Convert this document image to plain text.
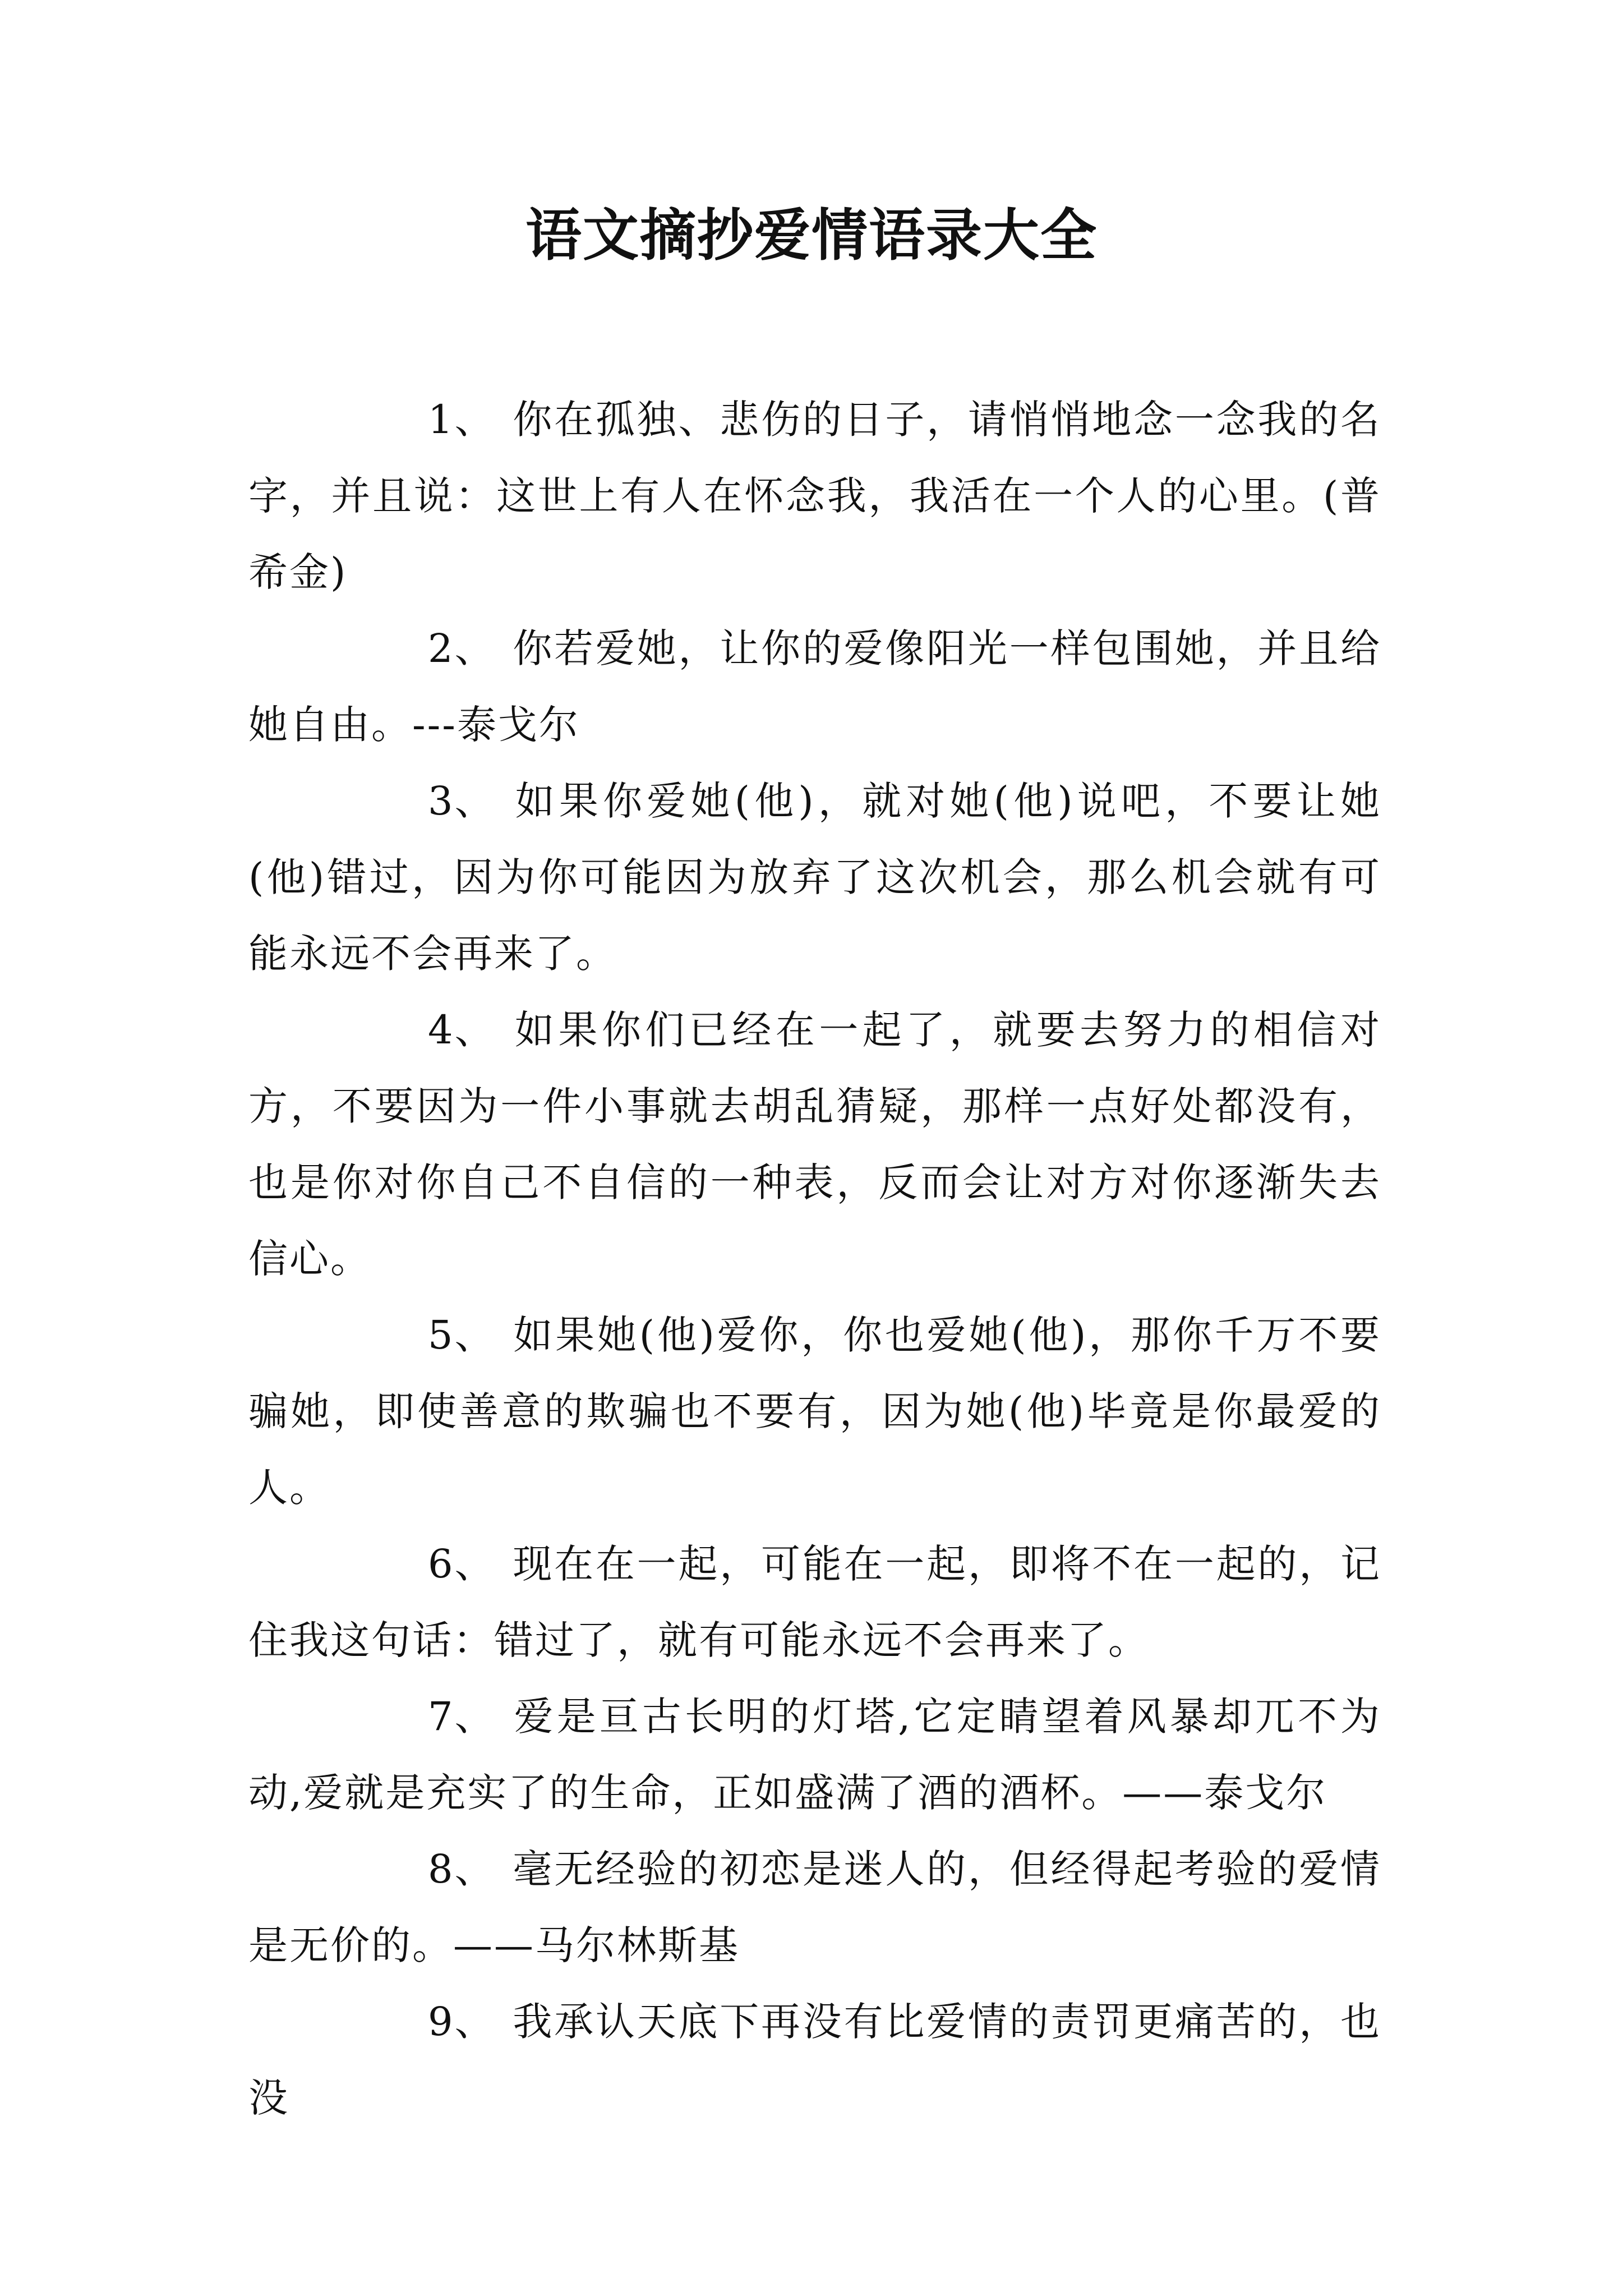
语文摘抄爱情语录大全

1、 你在孤独、悲伤的日子，请悄悄地念一念我的名字，并且说：这世上有人在怀念我，我活在一个人的心里。(普希金)

2、 你若爱她，让你的爱像阳光一样包围她，并且给她自由。---泰戈尔

3、 如果你爱她(他)，就对她(他)说吧，不要让她(他)错过，因为你可能因为放弃了这次机会，那么机会就有可能永远不会再来了。

4、 如果你们已经在一起了，就要去努力的相信对方，不要因为一件小事就去胡乱猜疑，那样一点好处都没有，也是你对你自己不自信的一种表，反而会让对方对你逐渐失去信心。

5、 如果她(他)爱你，你也爱她(他)，那你千万不要骗她，即使善意的欺骗也不要有，因为她(他)毕竟是你最爱的人。

6、 现在在一起，可能在一起，即将不在一起的，记住我这句话：错过了，就有可能永远不会再来了。

7、 爱是亘古长明的灯塔,它定睛望着风暴却兀不为动,爱就是充实了的生命，正如盛满了酒的酒杯。——泰戈尔

8、 毫无经验的初恋是迷人的，但经得起考验的爱情是无价的。——马尔林斯基

9、 我承认天底下再没有比爱情的责罚更痛苦的，也没
